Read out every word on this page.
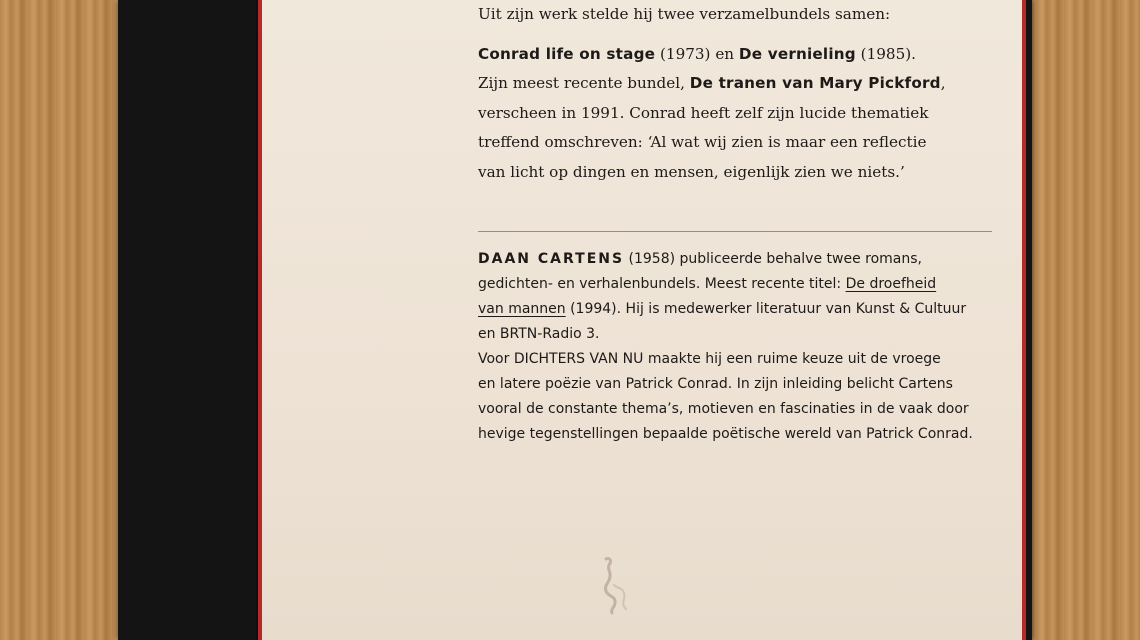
Uit zijn werk stelde hij twee verzamelbundels samen:
Conrad life on stage (1973) en De vernieling (1985).
Zijn meest recente bundel, De tranen van Mary Pickford,
verscheen in 1991. Conrad heeft zelf zijn lucide thematiek
treffend omschreven: ‘Al wat wij zien is maar een reflectie
van licht op dingen en mensen, eigenlijk zien we niets.’
DAAN CARTENS (1958) publiceerde behalve twee romans,
gedichten- en verhalenbundels. Meest recente titel: De droefheid
van mannen (1994). Hij is medewerker literatuur van Kunst & Cultuur
en BRTN-Radio 3.
Voor DICHTERS VAN NU maakte hij een ruime keuze uit de vroege
en latere poëzie van Patrick Conrad. In zijn inleiding belicht Cartens
vooral de constante thema’s, motieven en fascinaties in de vaak door
hevige tegenstellingen bepaalde poëtische wereld van Patrick Conrad.
